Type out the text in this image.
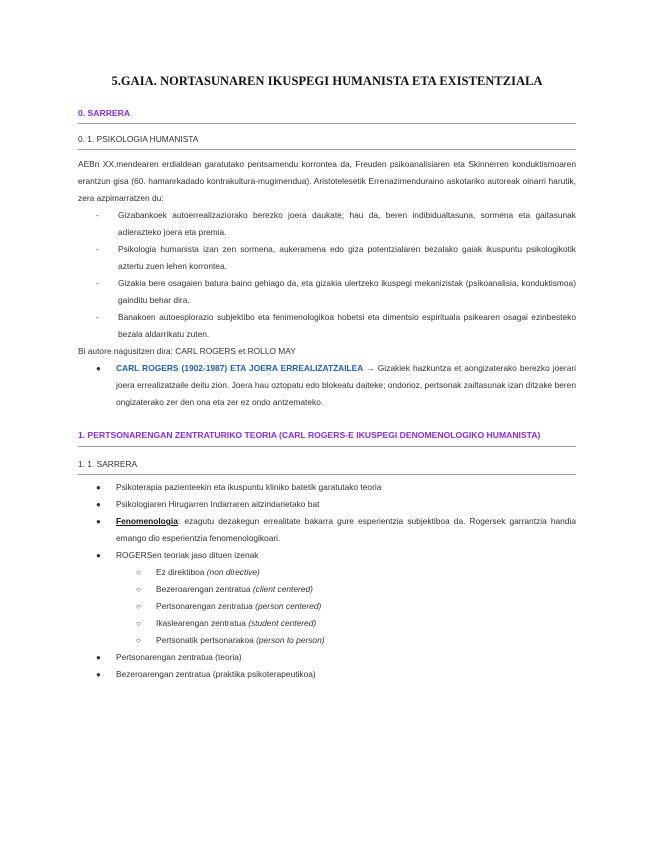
5.GAIA. NORTASUNAREN IKUSPEGI HUMANISTA ETA EXISTENTZIALA
0. SARRERA
0. 1. PSIKOLOGIA HUMANISTA
AEBn XX.mendearen erdialdean garatutako pentsamendu korrontea da, Freuden psikoanalisiaren eta Skinnerren konduktismoaren erantzun gisa (60. hamanrkadado kontrakultura-mugimendua). Aristotelesetik Errenazimenduraino askotariko autoreak oinarri harutik, zera azpimarratzen du:
- Gizabankoek autoerrealizaziorako berezko joera daukate; hau da, beren indibidualtasuna, sormena eta gaitasunak adierazteko joera eta premia.
- Psikologia humanista izan zen sormena, aukeramena edo giza potentzialaren bezalako gaiak ikuspuntu psikologikotik aztertu zuen lehen korrontea.
- Gizakia bere osagaien batura baino gehiago da, eta gizakia ulertzeko ikuspegi mekanizistak (psikoanalisia, konduktismoa) gainditu behar dira.
- Banakoen autoesplorazio subjektibo eta fenimenologikoa hobetsi eta dimentsio espirituala psikearen osagai ezinbesteko bezala aldarrikatu zuten.
Bi autore nagusitzen dira: CARL ROGERS et ROLLO MAY
● CARL ROGERS (1902-1987) ETA JOERA ERREALIZATZAILEA → Gizakiek hazkuntza et aongizaterako berezko joerari joera errealizatzaile deitu zion. Joera hau oztopatu edo blokeatu daiteke; ondorioz, pertsonak zailtasunak izan ditzake beren ongizaterako zer den ona eta zer ez ondo antzemateko.
1. PERTSONARENGAN ZENTRATURIKO TEORIA (CARL ROGERS-E IKUSPEGI DENOMENOLOGIKO HUMANISTA)
1. 1. SARRERA
● Psikoterapia pazienteekin eta ikuspuntu kliniko batetik garatutako teoria
● Psikologiaren Hirugarren Indarraren aitzindarietako bat
● Fenomenologia: ezagutu dezakegun errealitate bakarra gure esperientzia subjektiboa da. Rogersek garrantzia handia emango dio esperientzia fenomenologikoari.
● ROGERSen teoriak jaso dituen izenak
○ Ez direktiboa (non directive)
○ Bezeroarengan zentratua (client centered)
○ Pertsonarengan zentratua (person centered)
○ Ikaslearengan zentratua (student centered)
○ Pertsonatik pertsonarakoa (person to person)
● Pertsonarengan zentratua (teoria)
● Bezeroarengan zentratua (praktika psikoterapeutikoa)
